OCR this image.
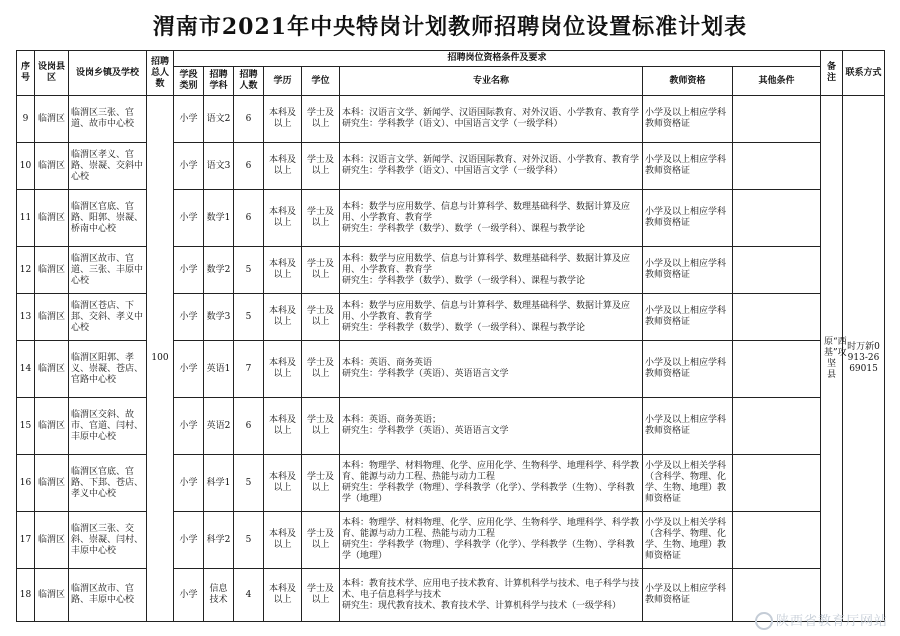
渭南市2021年中央特岗计划教师招聘岗位设置标准计划表
序号	设岗县区	设岗乡镇及学校	招聘总人数	招聘岗位资格条件及要求								备注	联系方式
				学段类别	招聘学科	招聘人数	学历	学位	专业名称	教师资格	其他条件		
9	临渭区	临渭区三张、官道、故市中心校	100	小学	语文2	6	本科及以上	学士及以上	本科：汉语言文学、新闻学、汉语国际教育、对外汉语、小学教育、教育学
研究生：学科教学（语文）、中国语言文学（一级学科）	小学及以上相应学科教师资格证		原“西基”攻坚县	时万新0913-2669015
10	临渭区	临渭区孝义、官路、崇凝、交斜中心校		小学	语文3	6	本科及以上	学士及以上	本科：汉语言文学、新闻学、汉语国际教育、对外汉语、小学教育、教育学
研究生：学科教学（语文）、中国语言文学（一级学科）	小学及以上相应学科教师资格证			
11	临渭区	临渭区官底、官路、阳郭、崇凝、桥南中心校		小学	数学1	6	本科及以上	学士及以上	本科：数学与应用数学、信息与计算科学、数理基础科学、数据计算及应用、小学教育、教育学
研究生：学科教学（数学）、数学（一级学科）、课程与教学论	小学及以上相应学科教师资格证			
12	临渭区	临渭区故市、官道、三张、丰原中心校		小学	数学2	5	本科及以上	学士及以上	本科：数学与应用数学、信息与计算科学、数理基础科学、数据计算及应用、小学教育、教育学
研究生：学科教学（数学）、数学（一级学科）、课程与教学论	小学及以上相应学科教师资格证			
13	临渭区	临渭区苍店、下邽、交斜、孝义中心校		小学	数学3	5	本科及以上	学士及以上	本科：数学与应用数学、信息与计算科学、数理基础科学、数据计算及应用、小学教育、教育学
研究生：学科教学（数学）、数学（一级学科）、课程与教学论	小学及以上相应学科教师资格证			
14	临渭区	临渭区阳郭、孝义、崇凝、苍店、官路中心校		小学	英语1	7	本科及以上	学士及以上	本科：英语、商务英语
研究生：学科教学（英语）、英语语言文学	小学及以上相应学科教师资格证			
15	临渭区	临渭区交斜、故市、官道、闫村、丰原中心校		小学	英语2	6	本科及以上	学士及以上	本科：英语、商务英语；
研究生：学科教学（英语）、英语语言文学	小学及以上相应学科教师资格证			
16	临渭区	临渭区官底、官路、下邽、苍店、孝义中心校		小学	科学1	5	本科及以上	学士及以上	本科：物理学、材料物理、化学、应用化学、生物科学、地理科学、科学教育、能源与动力工程、热能与动力工程
研究生：学科教学（物理）、学科教学（化学）、学科教学（生物）、学科教学（地理）	小学及以上相关学科（含科学、物理、化学、生物、地理）教师资格证			
17	临渭区	临渭区三张、交斜、崇凝、闫村、丰原中心校		小学	科学2	5	本科及以上	学士及以上	本科：物理学、材料物理、化学、应用化学、生物科学、地理科学、科学教育、能源与动力工程、热能与动力工程
研究生：学科教学（物理）、学科教学（化学）、学科教学（生物）、学科教学（地理）	小学及以上相关学科（含科学、物理、化学、生物、地理）教师资格证			
18	临渭区	临渭区故市、官路、丰原中心校		小学	信息技术	4	本科及以上	学士及以上	本科：教育技术学、应用电子技术教育、计算机科学与技术、电子科学与技术、电子信息科学与技术
研究生：现代教育技术、教育技术学、计算机科学与技术（一级学科）	小学及以上相应学科教师资格证			
陕西省教育厅网站
